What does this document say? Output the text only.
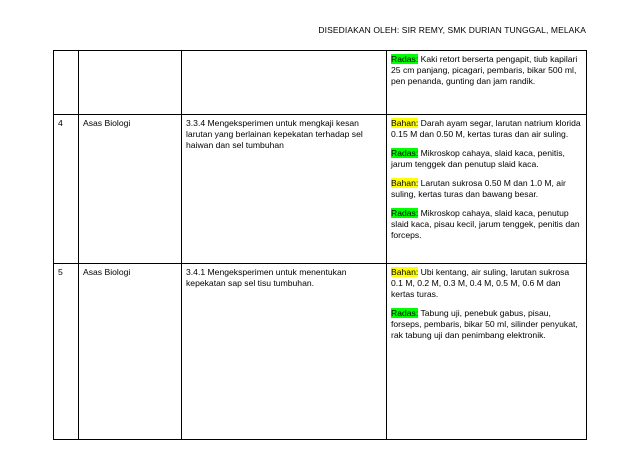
DISEDIAKAN OLEH: SIR REMY, SMK DURIAN TUNGGAL, MELAKA

			Radas: Kaki retort berserta pengapit, tiub kapilari 25 cm panjang, picagari, pembaris, bikar 500 ml, pen penanda, gunting dan jam randik.

4	Asas Biologi	3.3.4 Mengeksperimen untuk mengkaji kesan larutan yang berlainan kepekatan terhadap sel haiwan dan sel tumbuhan	Bahan: Darah ayam segar, larutan natrium klorida 0.15 M dan 0.50 M, kertas turas dan air suling.
Radas: Mikroskop cahaya, slaid kaca, penitis, jarum tenggek dan penutup slaid kaca.
Bahan: Larutan sukrosa 0.50 M dan 1.0 M, air suling, kertas turas dan bawang besar.
Radas: Mikroskop cahaya, slaid kaca, penutup slaid kaca, pisau kecil, jarum tenggek, penitis dan forceps.

5	Asas Biologi	3.4.1 Mengeksperimen untuk menentukan kepekatan sap sel tisu tumbuhan.	Bahan: Ubi kentang, air suling, larutan sukrosa 0.1 M, 0.2 M, 0.3 M, 0.4 M, 0.5 M, 0.6 M dan kertas turas.
Radas: Tabung uji, penebuk gabus, pisau, forseps, pembaris, bikar 50 ml, silinder penyukat, rak tabung uji dan penimbang elektronik.
